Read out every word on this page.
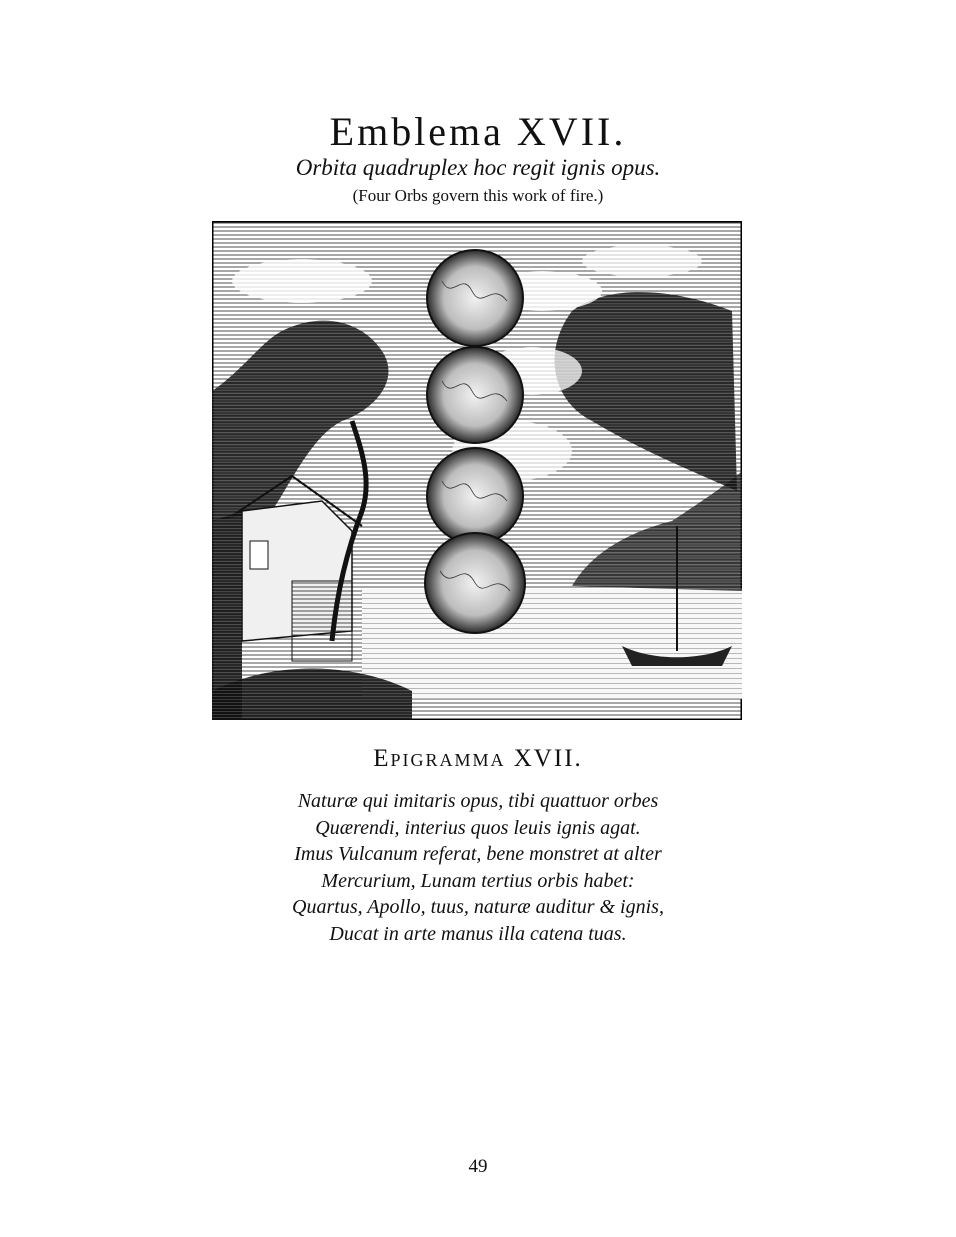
Emblema XVII.
Orbita quadruplex hoc regit ignis opus.
(Four Orbs govern this work of fire.)
Epigramma XVII.
Naturæ qui imitaris opus, tibi quattuor orbes
Quærendi, interius quos leuis ignis agat.
Imus Vulcanum referat, bene monstret at alter
Mercurium, Lunam tertius orbis habet:
Quartus, Apollo, tuus, naturæ auditur & ignis,
Ducat in arte manus illa catena tuas.
49
